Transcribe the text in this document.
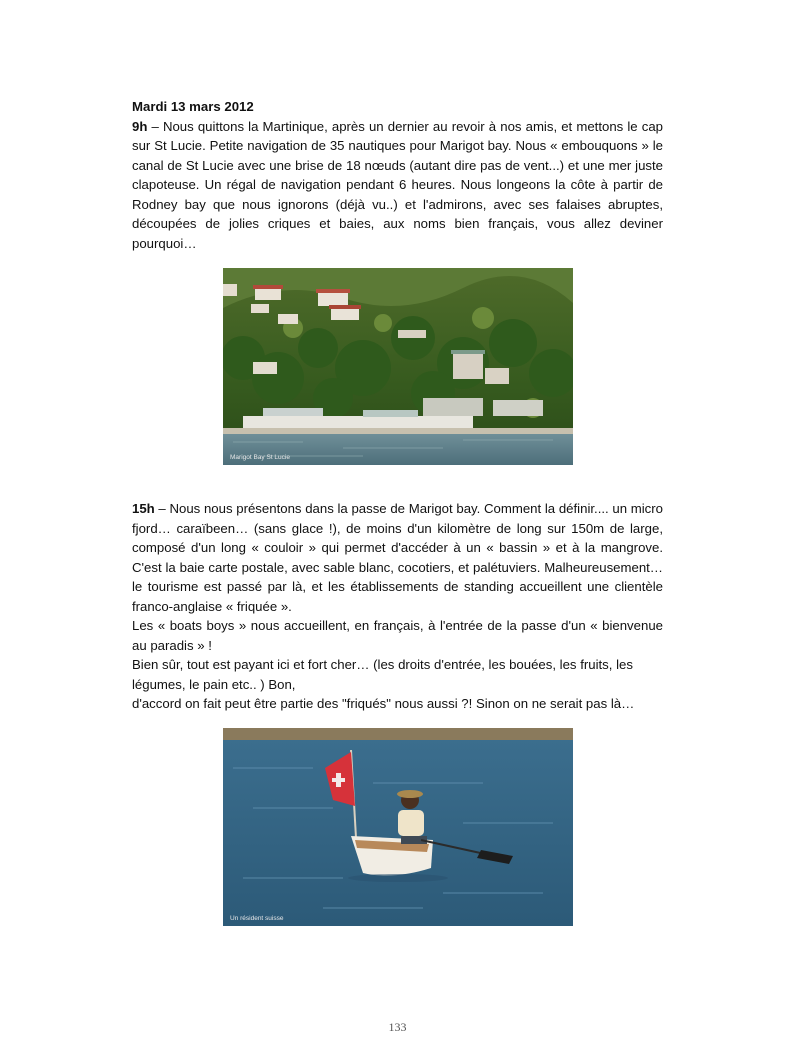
Mardi 13 mars 2012

9h – Nous quittons la Martinique, après un dernier au revoir à nos amis, et mettons le cap sur St Lucie. Petite navigation de 35 nautiques pour Marigot bay. Nous « embouquons » le canal de St Lucie avec une brise de 18 nœuds (autant dire pas de vent...) et une mer juste clapoteuse. Un régal de navigation pendant 6 heures. Nous longeons la côte à partir de Rodney bay que nous ignorons (déjà vu..) et l'admirons, avec ses falaises abruptes, découpées de jolies criques et baies, aux noms bien français, vous allez deviner pourquoi…

Marigot Bay St Lucie

15h – Nous nous présentons dans la passe de Marigot bay. Comment la définir.... un micro fjord… caraïbeen… (sans glace !), de moins d'un kilomètre de long sur 150m de large, composé d'un long « couloir » qui permet d'accéder à un « bassin » et à la mangrove. C'est la baie carte postale, avec sable blanc, cocotiers, et palétuviers. Malheureusement… le tourisme est passé par là, et les établissements de standing accueillent une clientèle franco-anglaise « friquée ».

Les « boats boys » nous accueillent, en français, à l'entrée de la passe d'un « bienvenue au paradis » !

Bien sûr, tout est payant ici et fort cher… (les droits d'entrée, les bouées, les fruits, les légumes, le pain etc.. ) Bon,

d'accord on fait peut être partie des "friqués" nous aussi ?! Sinon on ne serait pas là…

Un résident suisse
133
